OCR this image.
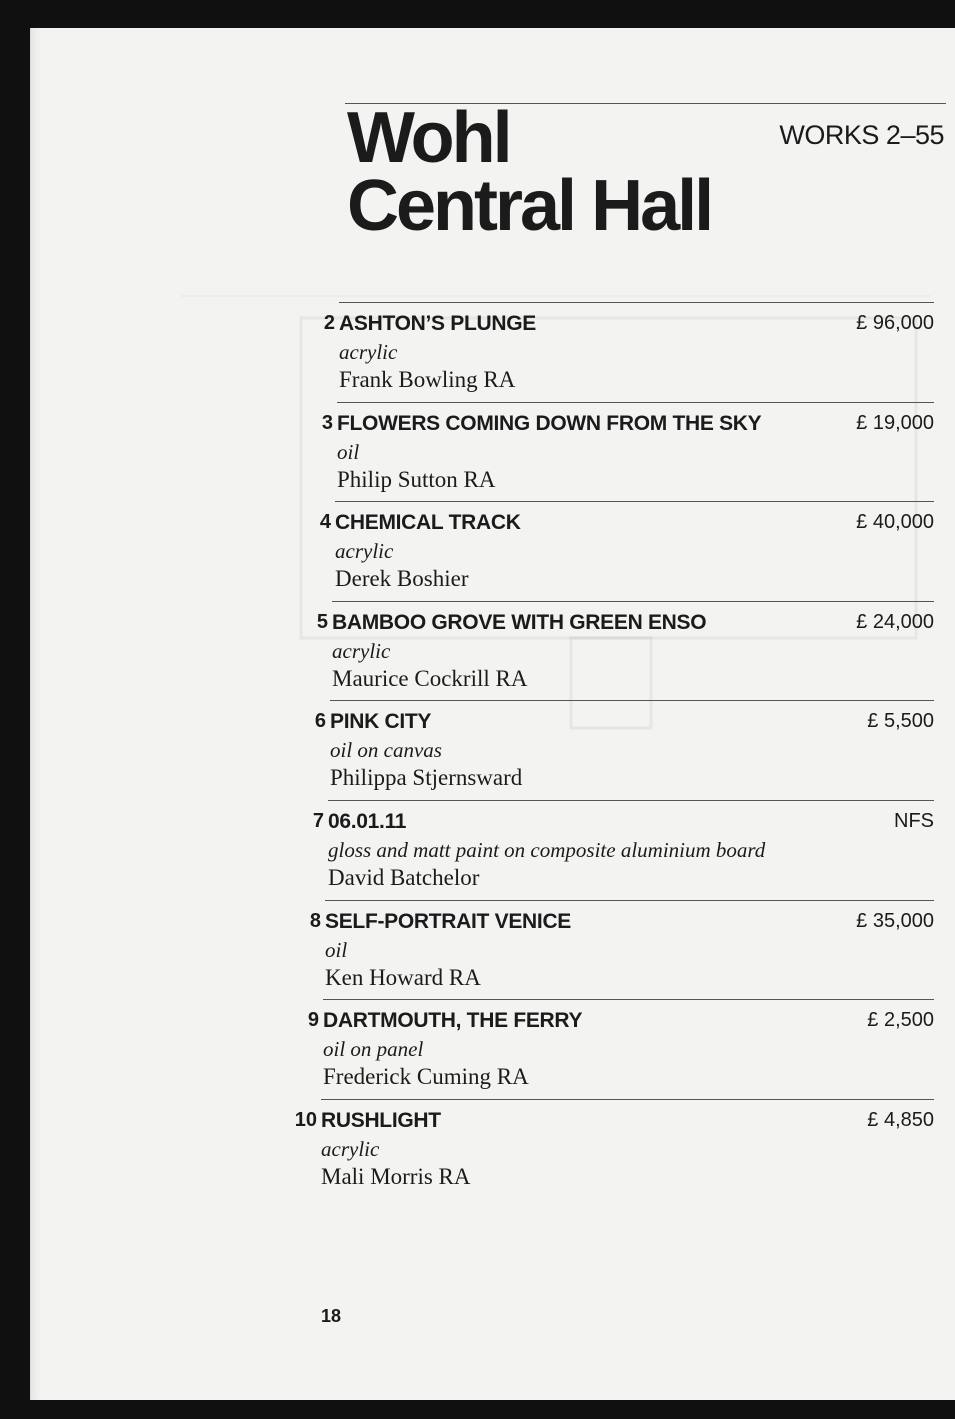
Wohl
Central Hall
WORKS 2–55
2 ASHTON’S PLUNGE	£ 96,000
acrylic
Frank Bowling RA
3 FLOWERS COMING DOWN FROM THE SKY	£ 19,000
oil
Philip Sutton RA
4 CHEMICAL TRACK	£ 40,000
acrylic
Derek Boshier
5 BAMBOO GROVE WITH GREEN ENSO	£ 24,000
acrylic
Maurice Cockrill RA
6 PINK CITY	£ 5,500
oil on canvas
Philippa Stjernsward
7 06.01.11	NFS
gloss and matt paint on composite aluminium board
David Batchelor
8 SELF-PORTRAIT VENICE	£ 35,000
oil
Ken Howard RA
9 DARTMOUTH, THE FERRY	£ 2,500
oil on panel
Frederick Cuming RA
10 RUSHLIGHT	£ 4,850
acrylic
Mali Morris RA
18
